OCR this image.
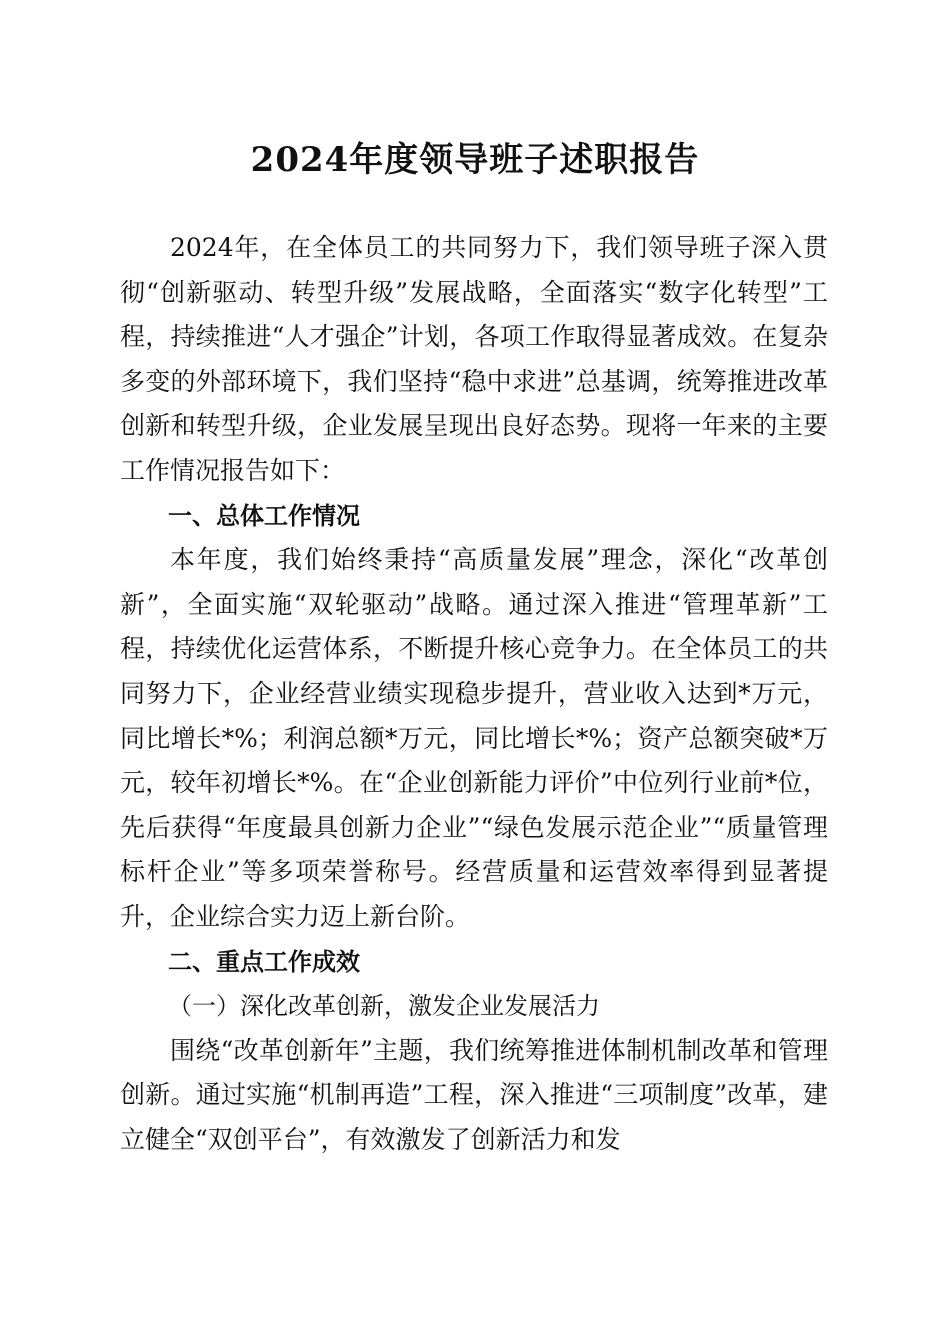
2024年度领导班子述职报告

2024年，在全体员工的共同努力下，我们领导班子深入贯彻“创新驱动、转型升级”发展战略，全面落实“数字化转型”工程，持续推进“人才强企”计划，各项工作取得显著成效。在复杂多变的外部环境下，我们坚持“稳中求进”总基调，统筹推进改革创新和转型升级，企业发展呈现出良好态势。现将一年来的主要工作情况报告如下：

一、总体工作情况

本年度，我们始终秉持“高质量发展”理念，深化“改革创新”，全面实施“双轮驱动”战略。通过深入推进“管理革新”工程，持续优化运营体系，不断提升核心竞争力。在全体员工的共同努力下，企业经营业绩实现稳步提升，营业收入达到*万元，同比增长*%；利润总额*万元，同比增长*%；资产总额突破*万元，较年初增长*%。在“企业创新能力评价”中位列行业前*位，先后获得“年度最具创新力企业”“绿色发展示范企业”“质量管理标杆企业”等多项荣誉称号。经营质量和运营效率得到显著提升，企业综合实力迈上新台阶。

二、重点工作成效

（一）深化改革创新，激发企业发展活力

围绕“改革创新年”主题，我们统筹推进体制机制改革和管理创新。通过实施“机制再造”工程，深入推进“三项制度”改革，建立健全“双创平台”，有效激发了创新活力和发
